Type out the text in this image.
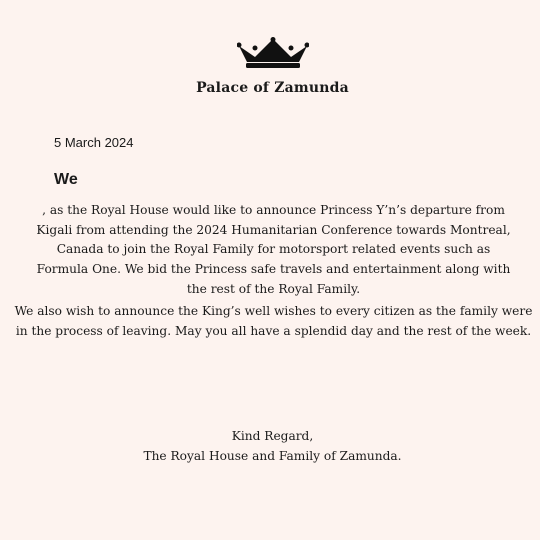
Palace of Zamunda

5 March 2024

We

, as the Royal House would like to announce Princess Y’n’s departure from Kigali from attending the 2024 Humanitarian Conference towards Montreal, Canada to join the Royal Family for motorsport related events such as Formula One. We bid the Princess safe travels and entertainment along with the rest of the Royal Family.

We also wish to announce the King’s well wishes to every citizen as the family were in the process of leaving. May you all have a splendid day and the rest of the week.

Kind Regard,
The Royal House and Family of Zamunda.
